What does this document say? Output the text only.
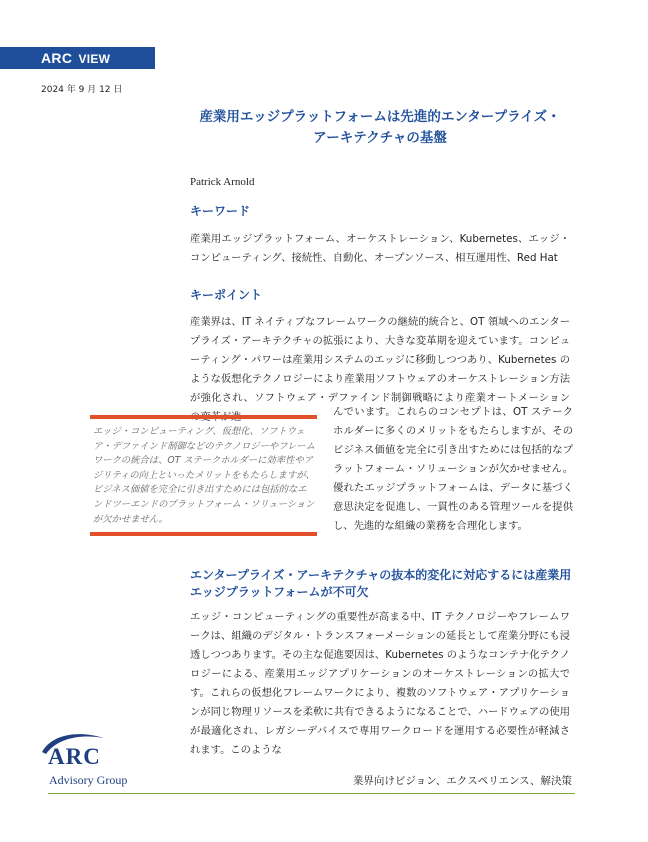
ARC VIEW
2024 年 9 月 12 日
産業用エッジプラットフォームは先進的エンタープライズ・
アーキテクチャの基盤
Patrick Arnold
キーワード

産業用エッジプラットフォーム、オーケストレーション、Kubernetes、エッジ・コンピューティング、接続性、自動化、オープンソース、相互運用性、Red Hat

キーポイント

産業界は、IT ネイティブなフレームワークの継続的統合と、OT 領域へのエンタープライズ・アーキテクチャの拡張により、大きな変革期を迎えています。コンピューティング・パワーは産業用システムのエッジに移動しつつあり、Kubernetes のような仮想化テクノロジーにより産業用ソフトウェアのオーケストレーション方法が強化され、ソフトウェア・デファインド制御戦略により産業オートメーション

んでいます。これらのコンセプトは、OT ステークホルダーに多くのメリットをもたらしますが、そのビジネス価値を完全に引き出すためには包括的なプラットフォーム・ソリューションが欠かせません。優れたエッジプラットフォームは、データに基づく意思決定を促進し、一貫性のある管理ツールを提供し、先進的な組織の業務を合理化します。

エッジ・コンピューティング、仮想化、ソフトウェア・デファインド制御などのテクノロジーやフレームワークの統合は、OT ステークホルダーに効率性やアジリティの向上といったメリットをもたらしますが、ビジネス価値を完全に引き出すためには包括的なエンドツーエンドのプラットフォーム・ソリューションが欠かせません。

エンタープライズ・アーキテクチャの抜本的変化に対応するには産業用
エッジプラットフォームが不可欠

エッジ・コンピューティングの重要性が高まる中、IT テクノロジーやフレームワークは、組織のデジタル・トランスフォーメーションの延長として産業分野にも浸透しつつあります。その主な促進要因は、Kubernetes のようなコンテナ化テクノロジーによる、産業用エッジアプリケーションのオーケストレーションの拡大です。これらの仮想化フレームワークにより、複数のソフトウェア・アプリケーションが同じ物理リソースを柔軟に共有できるようになることで、ハードウェアの使用が最適化され、レガシーデバイスで専用ワークロードを運用する必要性が軽減されます。このような

ARC
Advisory Group	業界向けビジョン、エクスペリエンス、解決策
